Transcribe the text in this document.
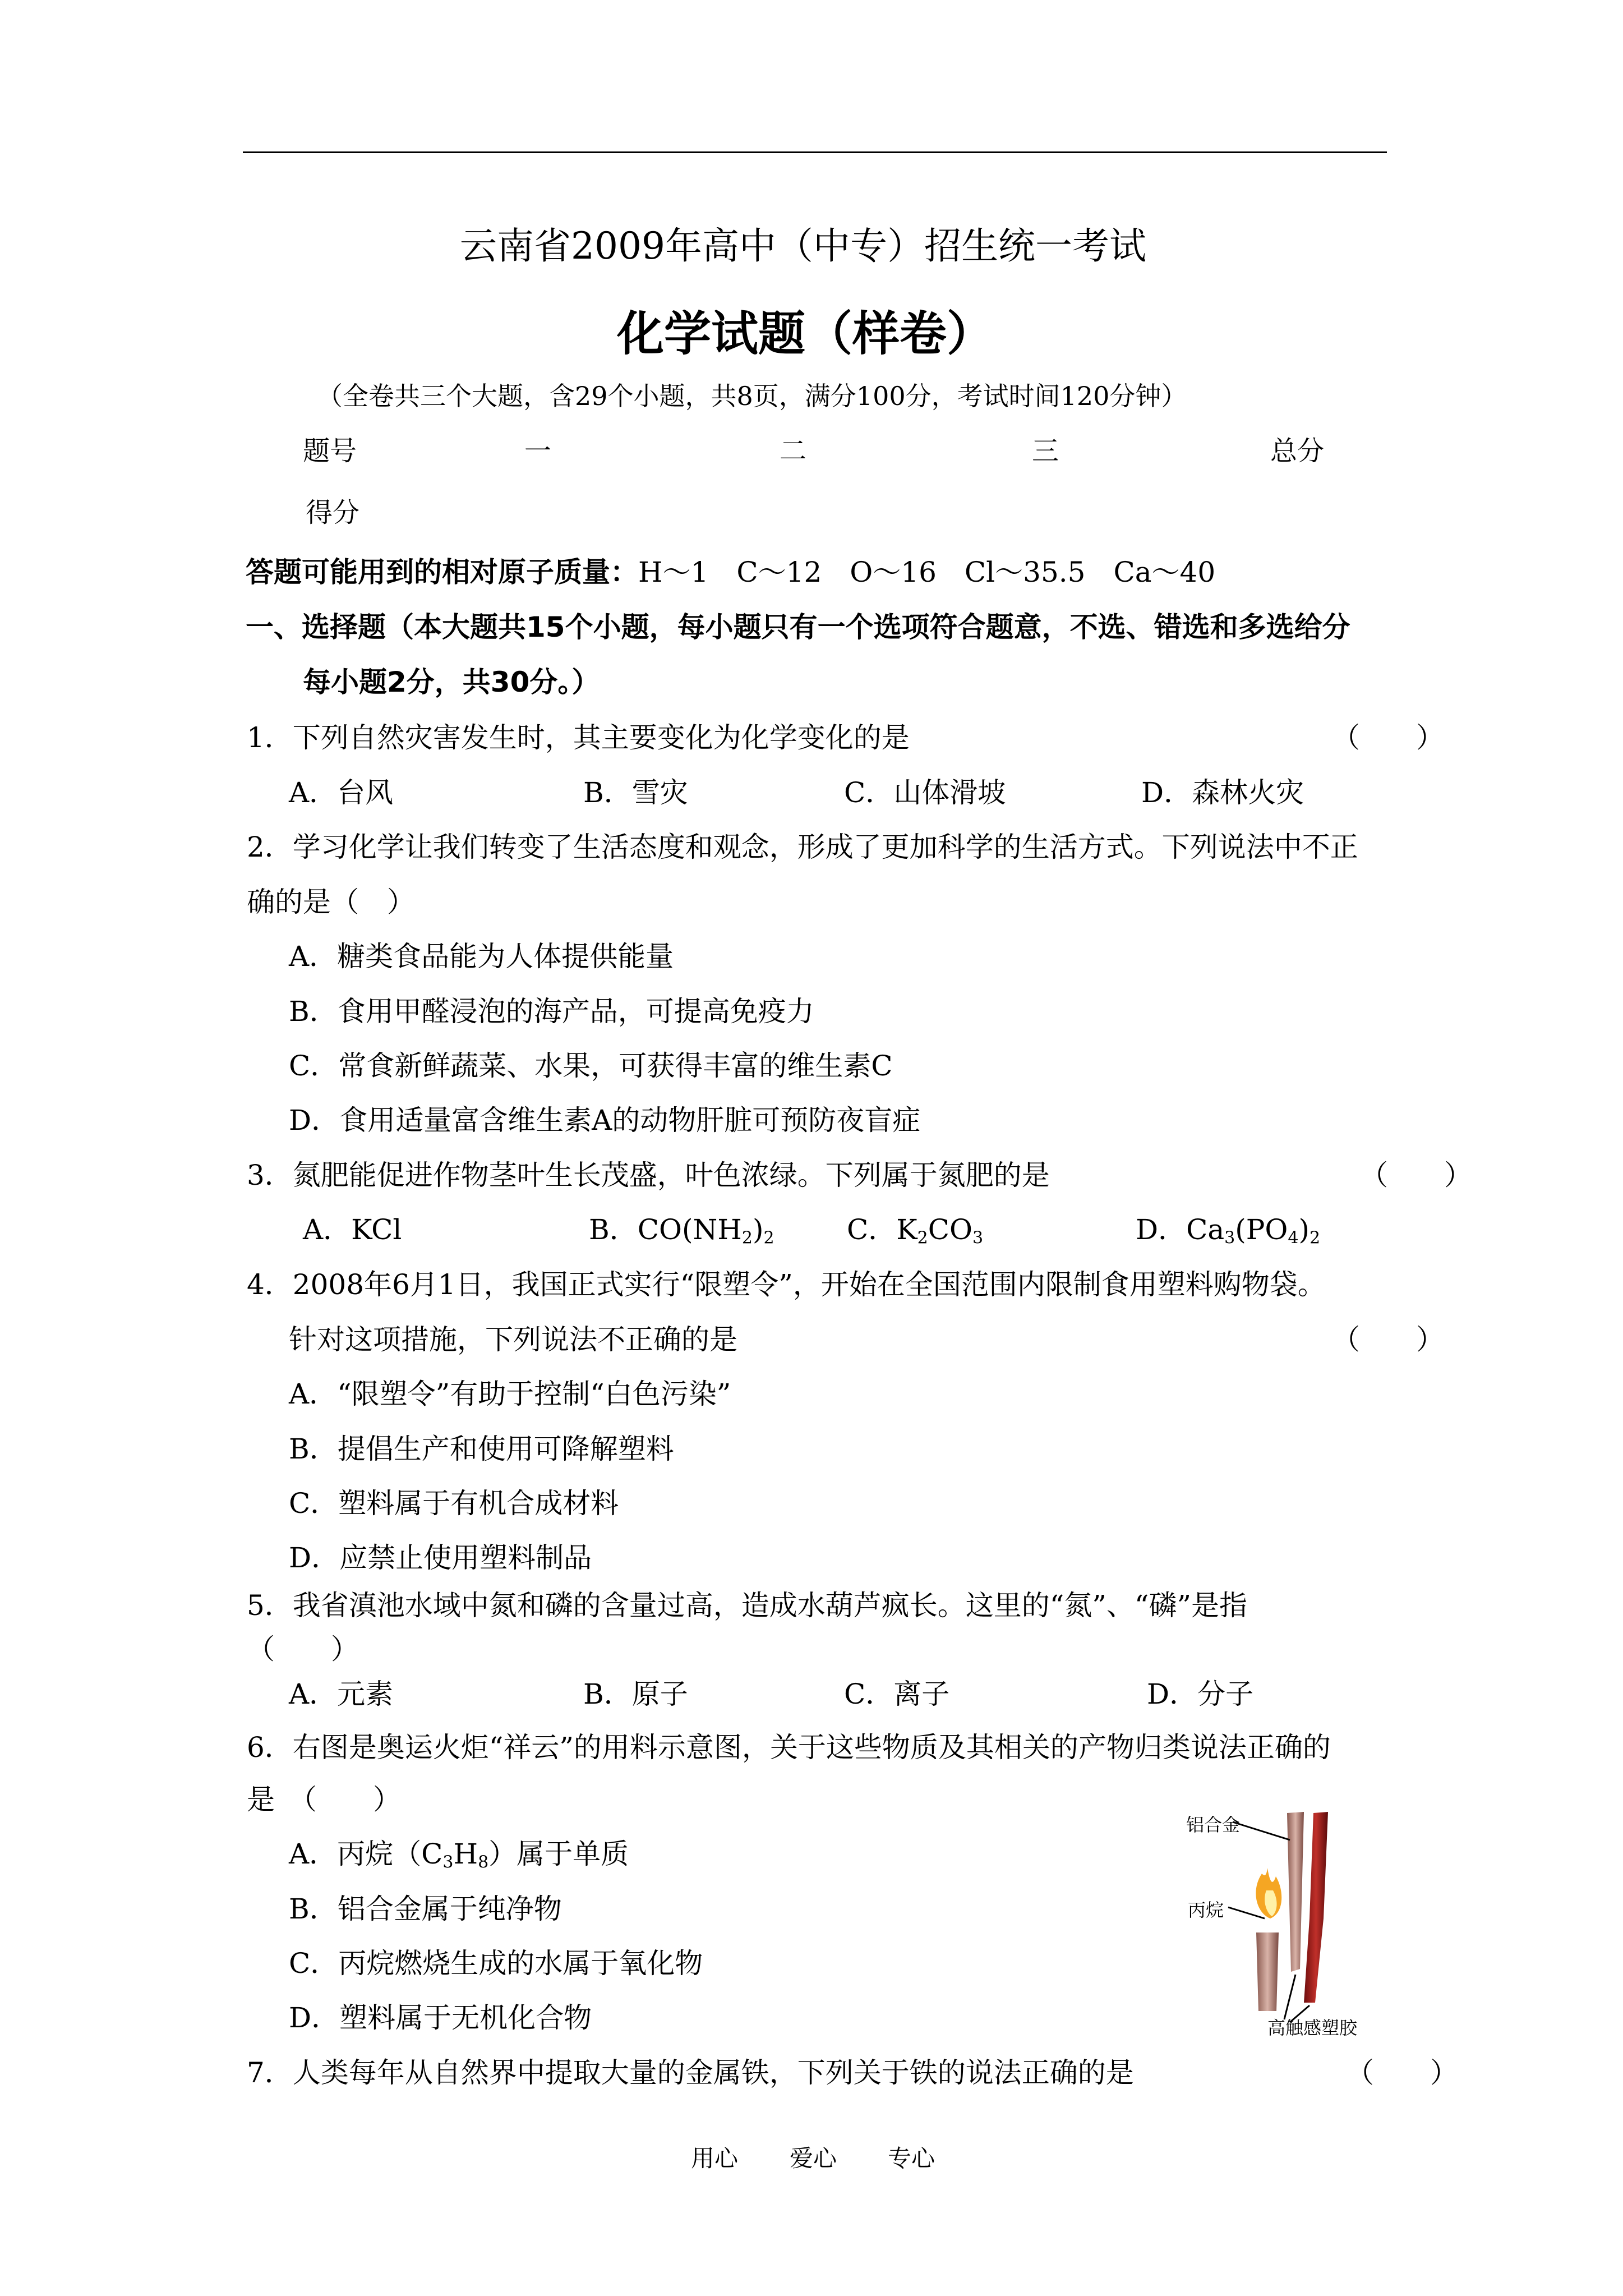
云南省2009年高中（中专）招生统一考试
化学试题（样卷）
（全卷共三个大题，含29个小题，共8页，满分100分，考试时间120分钟）
题号	一	二	三	总分
得分
答题可能用到的相对原子质量：H～1　C～12　O～16　Cl～35.5　Ca～40
一、选择题（本大题共15个小题，每小题只有一个选项符合题意，不选、错选和多选给分
每小题2分，共30分。）
1．下列自然灾害发生时，其主要变化为化学变化的是	（　　）
A．台风	B．雪灾	C．山体滑坡	D．森林火灾
2．学习化学让我们转变了生活态度和观念，形成了更加科学的生活方式。下列说法中不正
确的是（　）
A．糖类食品能为人体提供能量
B．食用甲醛浸泡的海产品，可提高免疫力
C．常食新鲜蔬菜、水果，可获得丰富的维生素C
D．食用适量富含维生素A的动物肝脏可预防夜盲症
3．氮肥能促进作物茎叶生长茂盛，叶色浓绿。下列属于氮肥的是	（　　）
A．KCl	B．$CO(NH_2)_2$	C．$K_2CO_3$	D．$Ca_3(PO_4)_2$
4．2008年6月1日，我国正式实行“限塑令”，开始在全国范围内限制食用塑料购物袋。
针对这项措施，下列说法不正确的是	（　　）
A．“限塑令”有助于控制“白色污染”
B．提倡生产和使用可降解塑料
C．塑料属于有机合成材料
D．应禁止使用塑料制品
5．我省滇池水域中氮和磷的含量过高，造成水葫芦疯长。这里的“氮”、“磷”是指
（　　）
A．元素	B．原子	C．离子	D．分子
6．右图是奥运火炬“祥云”的用料示意图，关于这些物质及其相关的产物归类说法正确的
是　（　　）
A．丙烷$(C_3H_8)$属于单质
B．铝合金属于纯净物
C．丙烷燃烧生成的水属于氧化物
D．塑料属于无机化合物
铝合金
丙烷
高触感塑胶
7．人类每年从自然界中提取大量的金属铁，下列关于铁的说法正确的是	（　　）
用心 爱心 专心
